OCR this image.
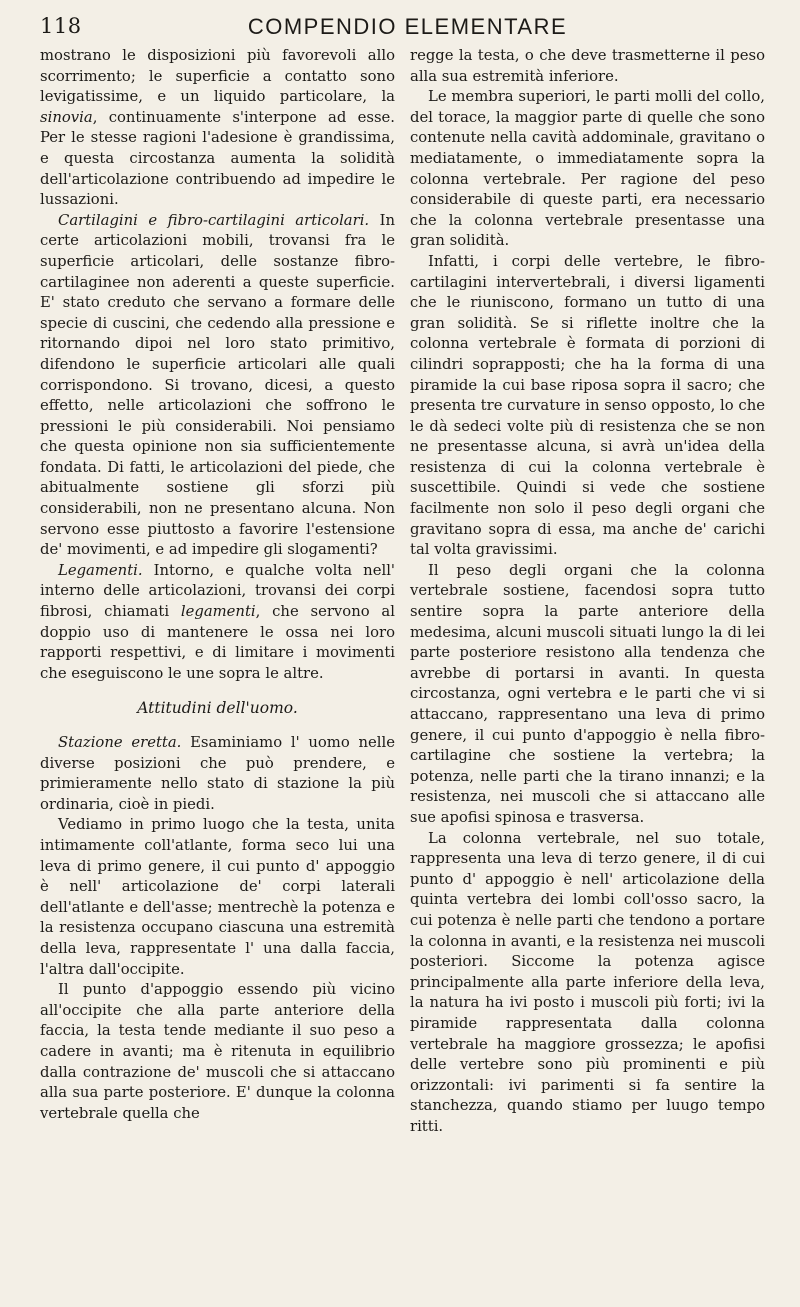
118	COMPENDIO ELEMENTARE

mostrano le disposizioni più favorevoli allo scorrimento; le superficie a contatto sono levigatissime, e un liquido particolare, la sinovia, continuamente s'interpone ad esse. Per le stesse ragioni l'adesione è grandissima, e questa circostanza aumenta la solidità dell'articolazione contribuendo ad impedire le lussazioni.

Cartilagini e fibro-cartilagini articolari. In certe articolazioni mobili, trovansi fra le superficie articolari, delle sostanze fibro-cartilaginee non aderenti a queste superficie. E' stato creduto che servano a formare delle specie di cuscini, che cedendo alla pressione e ritornando dipoi nel loro stato primitivo, difendono le superficie articolari alle quali corrispondono. Si trovano, dicesi, a questo effetto, nelle articolazioni che soffrono le pressioni le più considerabili. Noi pensiamo che questa opinione non sia sufficientemente fondata. Di fatti, le articolazioni del piede, che abitualmente sostiene gli sforzi più considerabili, non ne presentano alcuna. Non servono esse piuttosto a favorire l'estensione de' movimenti, e ad impedire gli slogamenti?

Legamenti. Intorno, e qualche volta nell' interno delle articolazioni, trovansi dei corpi fibrosi, chiamati legamenti, che servono al doppio uso di mantenere le ossa nei loro rapporti respettivi, e di limitare i movimenti che eseguiscono le une sopra le altre.

Attitudini dell'uomo.

Stazione eretta. Esaminiamo l' uomo nelle diverse posizioni che può prendere, e primieramente nello stato di stazione la più ordinaria, cioè in piedi.

Vediamo in primo luogo che la testa, unita intimamente coll'atlante, forma seco lui una leva di primo genere, il cui punto d' appoggio è nell' articolazione de' corpi laterali dell'atlante e dell'asse; mentrechè la potenza e la resistenza occupano ciascuna una estremità della leva, rappresentate l' una dalla faccia, l'altra dall'occipite.

Il punto d'appoggio essendo più vicino all'occipite che alla parte anteriore della faccia, la testa tende mediante il suo peso a cadere in avanti; ma è ritenuta in equilibrio dalla contrazione de' muscoli che si attaccano alla sua parte posteriore. E' dunque la colonna vertebrale quella che

regge la testa, o che deve trasmetterne il peso alla sua estremità inferiore.

Le membra superiori, le parti molli del collo, del torace, la maggior parte di quelle che sono contenute nella cavità addominale, gravitano o mediatamente, o immediatamente sopra la colonna vertebrale. Per ragione del peso considerabile di queste parti, era necessario che la colonna vertebrale presentasse una gran solidità.

Infatti, i corpi delle vertebre, le fibro-cartilagini intervertebrali, i diversi ligamenti che le riuniscono, formano un tutto di una gran solidità. Se si riflette inoltre che la colonna vertebrale è formata di porzioni di cilindri soprapposti; che ha la forma di una piramide la cui base riposa sopra il sacro; che presenta tre curvature in senso opposto, lo che le dà sedeci volte più di resistenza che se non ne presentasse alcuna, si avrà un'idea della resistenza di cui la colonna vertebrale è suscettibile. Quindi si vede che sostiene facilmente non solo il peso degli organi che gravitano sopra di essa, ma anche de' carichi tal volta gravissimi.

Il peso degli organi che la colonna vertebrale sostiene, facendosi sopra tutto sentire sopra la parte anteriore della medesima, alcuni muscoli situati lungo la di lei parte posteriore resistono alla tendenza che avrebbe di portarsi in avanti. In questa circostanza, ogni vertebra e le parti che vi si attaccano, rappresentano una leva di primo genere, il cui punto d'appoggio è nella fibro-cartilagine che sostiene la vertebra; la potenza, nelle parti che la tirano innanzi; e la resistenza, nei muscoli che si attaccano alle sue apofisi spinosa e trasversa.

La colonna vertebrale, nel suo totale, rappresenta una leva di terzo genere, il di cui punto d' appoggio è nell' articolazione della quinta vertebra dei lombi coll'osso sacro, la cui potenza è nelle parti che tendono a portare la colonna in avanti, e la resistenza nei muscoli posteriori. Siccome la potenza agisce principalmente alla parte inferiore della leva, la natura ha ivi posto i muscoli più forti; ivi la piramide rappresentata dalla colonna vertebrale ha maggiore grossezza; le apofisi delle vertebre sono più prominenti e più orizzontali: ivi parimenti si fa sentire la stanchezza, quando stiamo per luugo tempo ritti.
